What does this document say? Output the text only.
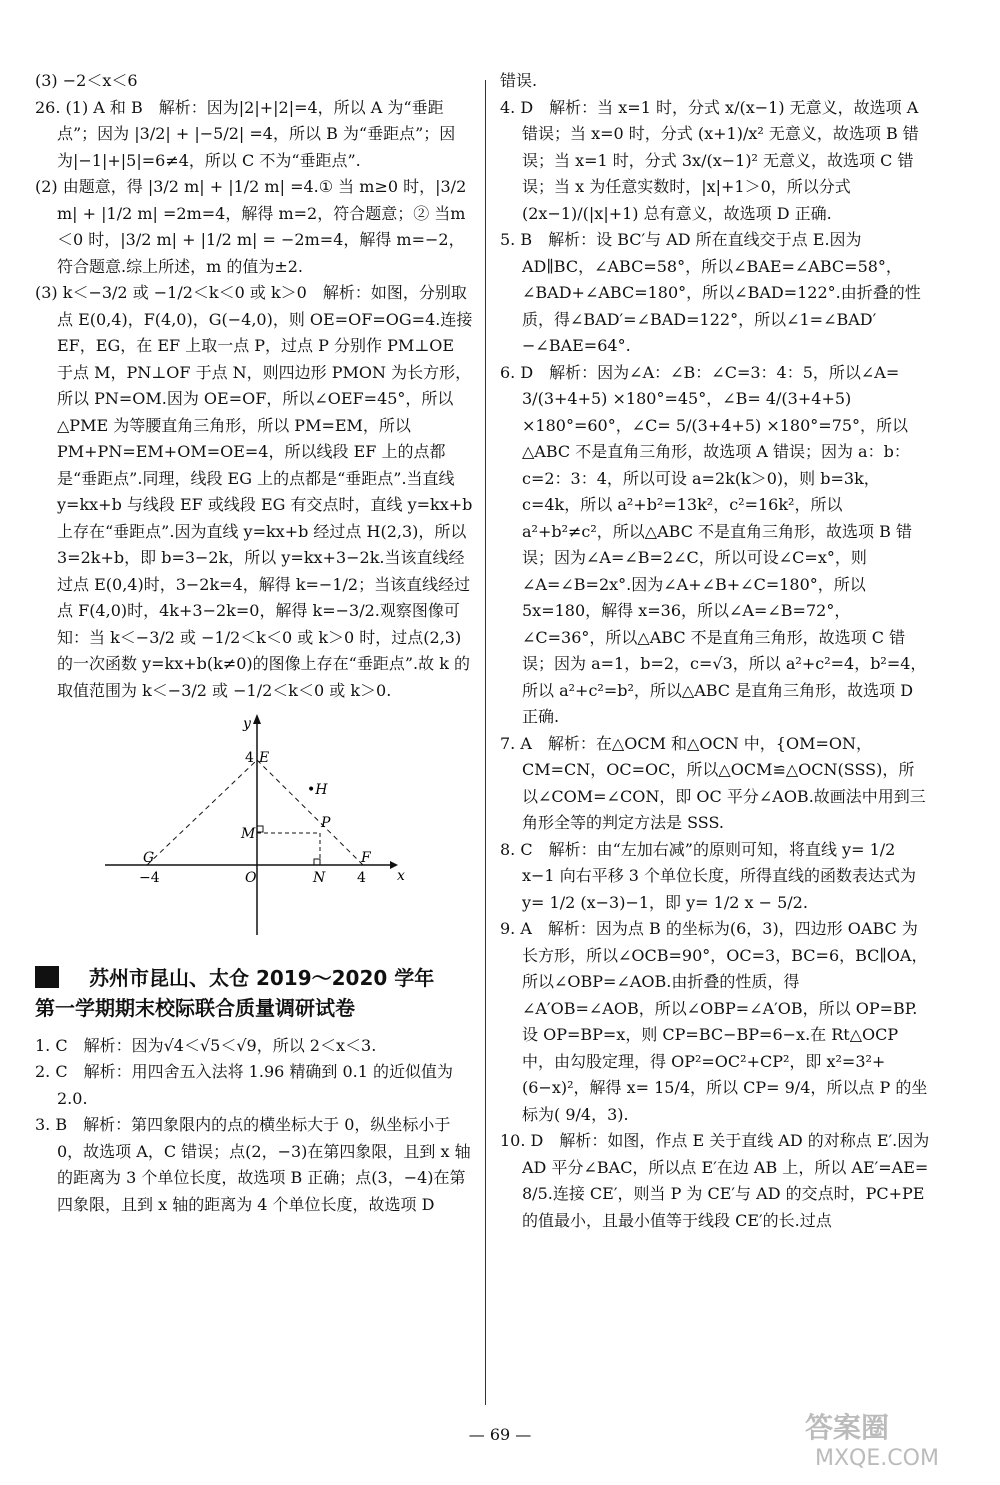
(3) −2＜x＜6

26. (1) A 和 B　解析：因为|2|+|2|=4，所以 A 为“垂距点”；因为 |3/2| + |−5/2| =4，所以 B 为“垂距点”；因为|−1|+|5|=6≠4，所以 C 不为“垂距点”.

(2) 由题意，得 |3/2 m| + |1/2 m| =4.① 当 m≥0 时，|3/2 m| + |1/2 m| =2m=4，解得 m=2，符合题意；② 当m＜0 时，|3/2 m| + |1/2 m| = −2m=4，解得 m=−2，符合题意.综上所述，m 的值为±2.

(3) k＜−3/2 或 −1/2＜k＜0 或 k＞0　解析：如图，分别取点 E(0,4)，F(4,0)，G(−4,0)，则 OE=OF=OG=4.连接 EF，EG，在 EF 上取一点 P，过点 P 分别作 PM⊥OE 于点 M，PN⊥OF 于点 N，则四边形 PMON 为长方形，所以 PN=OM.因为 OE=OF，所以∠OEF=45°，所以△PME 为等腰直角三角形，所以 PM=EM，所以 PM+PN=EM+OM=OE=4，所以线段 EF 上的点都是“垂距点”.同理，线段 EG 上的点都是“垂距点”.当直线 y=kx+b 与线段 EF 或线段 EG 有交点时，直线 y=kx+b 上存在“垂距点”.因为直线 y=kx+b 经过点 H(2,3)，所以 3=2k+b，即 b=3−2k，所以 y=kx+3−2k.当该直线经过点 E(0,4)时，3−2k=4，解得 k=−1/2；当该直线经过点 F(4,0)时，4k+3−2k=0，解得 k=−3/2.观察图像可知：当 k＜−3/2 或 −1/2＜k＜0 或 k＞0 时，过点(2,3)的一次函数 y=kx+b(k≠0)的图像上存在“垂距点”.故 k 的取值范围为 k＜−3/2 或 −1/2＜k＜0 或 k＞0.

y
x
4 E
•H
M
P
G
−4	O	N
F
4
苏州市昆山、太仓 2019～2020 学年
第一学期期末校际联合质量调研试卷

1. C　解析：因为√4＜√5＜√9，所以 2＜x＜3.

2. C　解析：用四舍五入法将 1.96 精确到 0.1 的近似值为 2.0.

3. B　解析：第四象限内的点的横坐标大于 0，纵坐标小于 0，故选项 A，C 错误；点(2，−3)在第四象限，且到 x 轴的距离为 3 个单位长度，故选项 B 正确；点(3，−4)在第四象限，且到 x 轴的距离为 4 个单位长度，故选项 D

错误.

4. D　解析：当 x=1 时，分式 x/(x−1) 无意义，故选项 A 错误；当 x=0 时，分式 (x+1)/x² 无意义，故选项 B 错误；当 x=1 时，分式 3x/(x−1)² 无意义，故选项 C 错误；当 x 为任意实数时，|x|+1＞0，所以分式 (2x−1)/(|x|+1) 总有意义，故选项 D 正确.

5. B　解析：设 BC′与 AD 所在直线交于点 E.因为 AD∥BC，∠ABC=58°，所以∠BAE=∠ABC=58°，∠BAD+∠ABC=180°，所以∠BAD=122°.由折叠的性质，得∠BAD′=∠BAD=122°，所以∠1=∠BAD′−∠BAE=64°.

6. D　解析：因为∠A：∠B：∠C=3：4：5，所以∠A= 3/(3+4+5) ×180°=45°，∠B= 4/(3+4+5) ×180°=60°，∠C= 5/(3+4+5) ×180°=75°，所以△ABC 不是直角三角形，故选项 A 错误；因为 a：b：c=2：3：4，所以可设 a=2k(k＞0)，则 b=3k，c=4k，所以 a²+b²=13k²，c²=16k²，所以 a²+b²≠c²，所以△ABC 不是直角三角形，故选项 B 错误；因为∠A=∠B=2∠C，所以可设∠C=x°，则∠A=∠B=2x°.因为∠A+∠B+∠C=180°，所以 5x=180，解得 x=36，所以∠A=∠B=72°，∠C=36°，所以△ABC 不是直角三角形，故选项 C 错误；因为 a=1，b=2，c=√3，所以 a²+c²=4，b²=4，所以 a²+c²=b²，所以△ABC 是直角三角形，故选项 D 正确.

7. A　解析：在△OCM 和△OCN 中，{OM=ON，CM=CN，OC=OC，所以△OCM≌△OCN(SSS)，所以∠COM=∠CON，即 OC 平分∠AOB.故画法中用到三角形全等的判定方法是 SSS.

8. C　解析：由“左加右减”的原则可知，将直线 y= 1/2 x−1 向右平移 3 个单位长度，所得直线的函数表达式为 y= 1/2 (x−3)−1，即 y= 1/2 x − 5/2.

9. A　解析：因为点 B 的坐标为(6，3)，四边形 OABC 为长方形，所以∠OCB=90°，OC=3，BC=6，BC∥OA，所以∠OBP=∠AOB.由折叠的性质，得∠A′OB=∠AOB，所以∠OBP=∠A′OB，所以 OP=BP.设 OP=BP=x，则 CP=BC−BP=6−x.在 Rt△OCP 中，由勾股定理，得 OP²=OC²+CP²，即 x²=3²+(6−x)²，解得 x= 15/4，所以 CP= 9/4，所以点 P 的坐标为( 9/4，3).

10. D　解析：如图，作点 E 关于直线 AD 的对称点 E′.因为 AD 平分∠BAC，所以点 E′在边 AB 上，所以 AE′=AE= 8/5.连接 CE′，则当 P 为 CE′与 AD 的交点时，PC+PE 的值最小，且最小值等于线段 CE′的长.过点

— 69 —	答案圈
MXQE.COM
